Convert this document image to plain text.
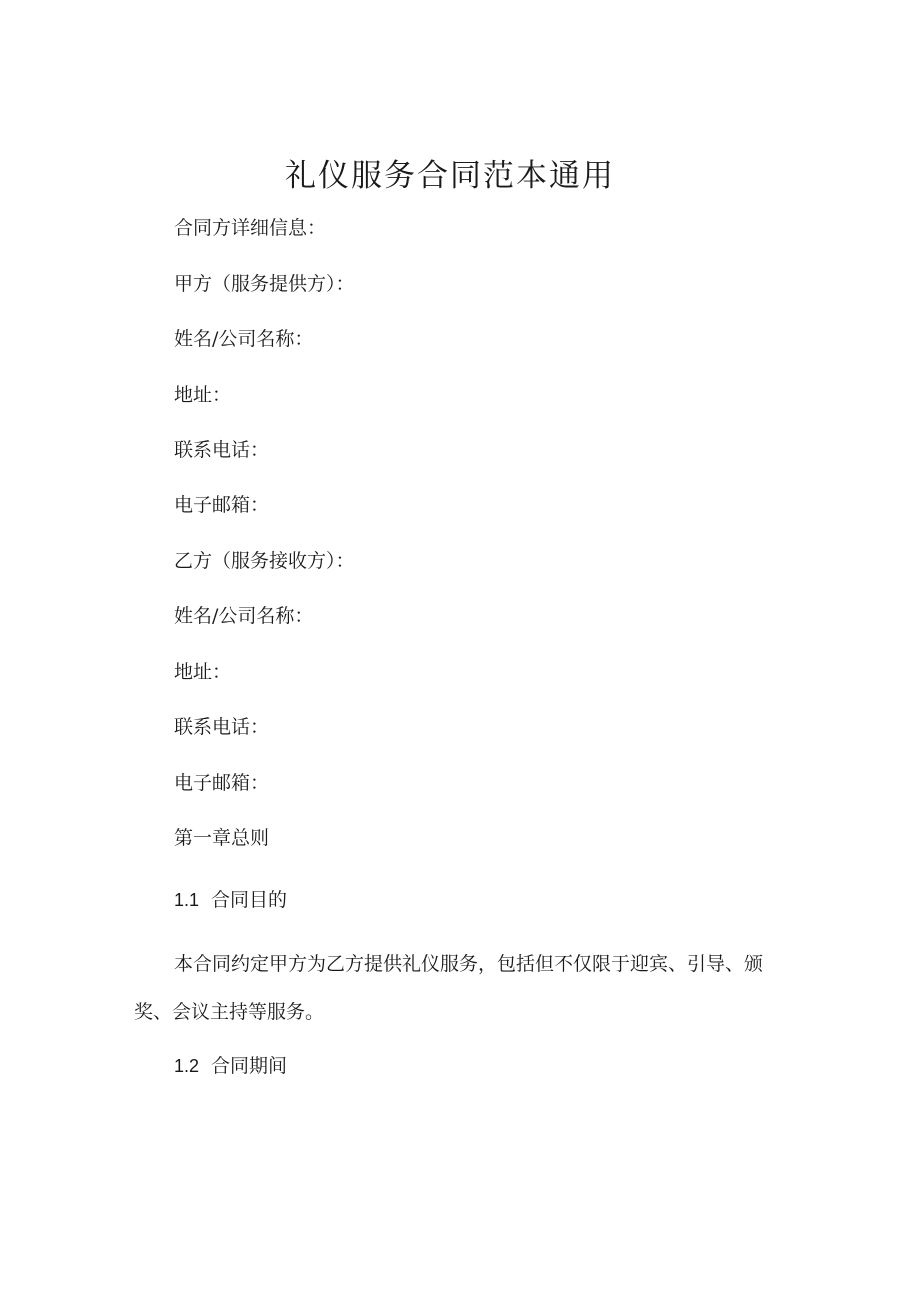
礼仪服务合同范本通用

合同方详细信息：

甲方（服务提供方）：

姓名/公司名称：

地址：

联系电话：

电子邮箱：

乙方（服务接收方）：

姓名/公司名称：

地址：

联系电话：

电子邮箱：

第一章总则

1.1 合同目的

本合同约定甲方为乙方提供礼仪服务，包括但不仅限于迎宾、引导、颁奖、会议主持等服务。

1.2 合同期间
